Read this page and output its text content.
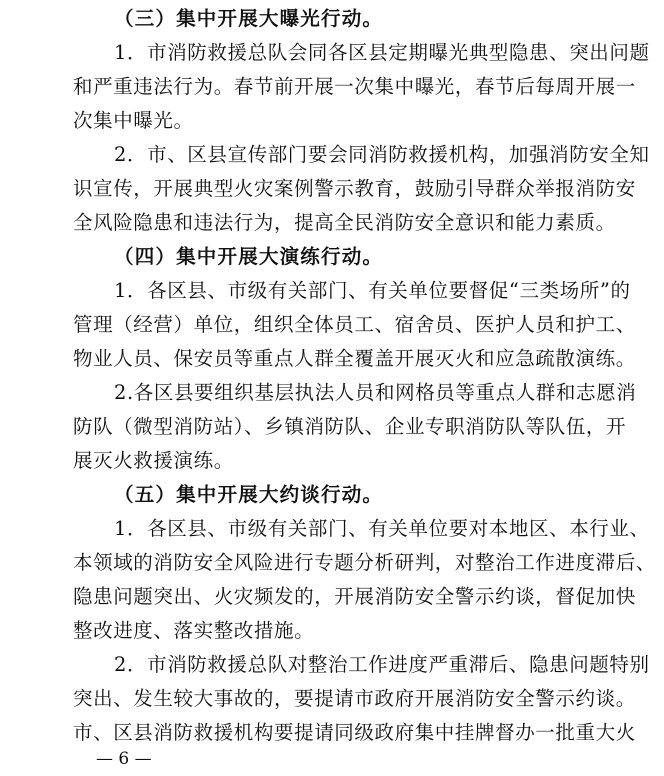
（三）集中开展大曝光行动。
1．市消防救援总队会同各区县定期曝光典型隐患、突出问题
和严重违法行为。春节前开展一次集中曝光，春节后每周开展一
次集中曝光。
2．市、区县宣传部门要会同消防救援机构，加强消防安全知
识宣传，开展典型火灾案例警示教育，鼓励引导群众举报消防安
全风险隐患和违法行为，提高全民消防安全意识和能力素质。
（四）集中开展大演练行动。
1．各区县、市级有关部门、有关单位要督促“三类场所”的
管理（经营）单位，组织全体员工、宿舍员、医护人员和护工、
物业人员、保安员等重点人群全覆盖开展灭火和应急疏散演练。
2.各区县要组织基层执法人员和网格员等重点人群和志愿消
防队（微型消防站）、乡镇消防队、企业专职消防队等队伍，开
展灭火救援演练。
（五）集中开展大约谈行动。
1．各区县、市级有关部门、有关单位要对本地区、本行业、
本领域的消防安全风险进行专题分析研判，对整治工作进度滞后、
隐患问题突出、火灾频发的，开展消防安全警示约谈，督促加快
整改进度、落实整改措施。
2．市消防救援总队对整治工作进度严重滞后、隐患问题特别
突出、发生较大事故的，要提请市政府开展消防安全警示约谈。
市、区县消防救援机构要提请同级政府集中挂牌督办一批重大火
— 6 —
